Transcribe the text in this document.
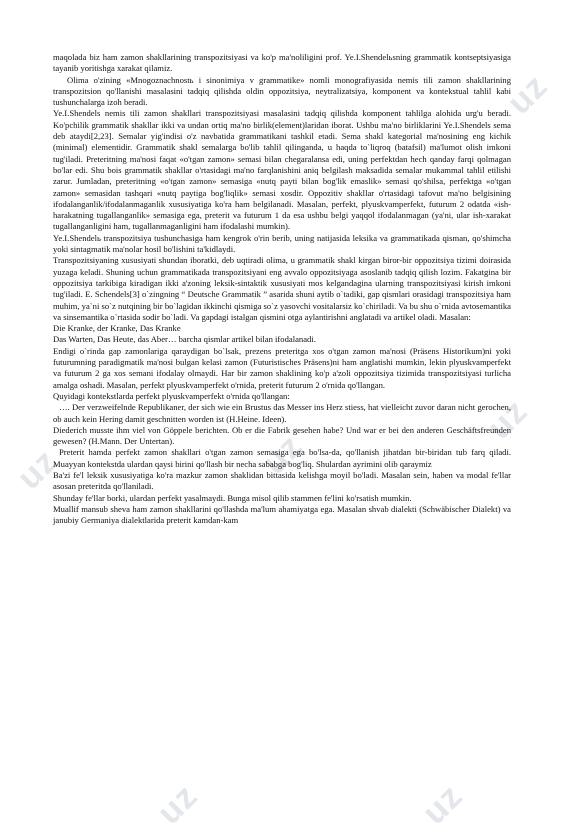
uz
uz	uz
uz
uz	uz

maqolada biz ham zamon shakllarining transpozitsiyasi va ko'p ma'noliligini prof. Ye.I.Shendelьsning grammatik kontseptsiyasiga tayanib yoritishga xarakat qilamiz.

Olima o'zining «Mnogoznachnostь i sinonimiya v grammatike» nomli monografiyasida nemis tili zamon shakllarining transpozitsion qo'llanishi masalasini tadqiq qilishda oldin oppozitsiya, neytralizatsiya, komponent va kontekstual tahlil kabi tushunchalarga izoh beradi.

Ye.I.Shendels nemis tili zamon shakllari transpozitsiyasi masalasini tadqiq qilishda komponent tahlilga alohida urg'u beradi. Ko'pchilik grammatik shakllar ikki va undan ortiq ma'no birlik(element)laridan iborat. Ushbu ma'no birliklarini Ye.I.Shendels sema deb ataydi[2,23]. Semalar yig'indisi o'z navbatida grammatikani tashkil etadi. Sema shakl kategorial ma'nosining eng kichik (minimal) elementidir. Grammatik shakl semalarga bo'lib tahlil qilinganda, u haqda to`liqroq (batafsil) ma'lumot olish imkoni tug'iladi. Preteritning ma'nosi faqat «o'tgan zamon» semasi bilan chegaralansa edi, uning perfektdan hech qanday farqi qolmagan bo'lar edi. Shu bois grammatik shakllar o'rtasidagi ma'no farqlanishini aniq belgilash maksadida semalar mukammal tahlil etilishi zarur. Jumladan, preteritning «o'tgan zamon» semasiga «nutq payti bilan bog'lik emaslik» semasi qo'shilsa, perfektga «o'tgan zamon» semasidan tashqari «nutq paytiga bog'liqlik» semasi xosdir. Oppozitiv shakllar o'rtasidagi tafovut ma'no belgisining ifodalanganlik/ifodalanmaganlik xususiyatiga ko'ra ham belgilanadi. Masalan, perfekt, plyuskvamperfekt, futurum 2 odatda «ish-harakatning tugallanganlik» semasiga ega, preterit va futurum 1 da esa ushbu belgi yaqqol ifodalanmagan (ya'ni, ular ish-xarakat tugallanganligini ham, tugallanmaganligini ham ifodalashi mumkin).

Ye.I.Shendelь transpozitsiya tushunchasiga ham kengrok o'rin berib, uning natijasida leksika va grammatikada qisman, qo'shimcha yoki sintagmatik ma'nolar hosil bo'lishini ta'kidlaydi.

Transpozitsiyaning xususiyati shundan iboratki, deb uqtiradi olima, u grammatik shakl kirgan biror-bir oppozitsiya tizimi doirasida yuzaga keladi. Shuning uchun grammatikada transpozitsiyani eng avvalo oppozitsiyaga asoslanib tadqiq qilish lozim. Fakatgina bir oppozitsiya tarkibiga kiradigan ikki a'zoning leksik-sintaktik xususiyati mos kelgandagina ularning transpozitsiyasi kirish imkoni tug'iladi. E. Schendels[3] o`zingning “ Deutsche Grammatik ” asarida shuni aytib o`tadiki, gap qismlari orasidagi transpozitsiya ham muhim, ya`ni so`z nutqining bir bo`lagidan ikkinchi qismiga so`z yasovchi vositalarsiz ko`chiriladi. Va bu shu o`rnida avtosemantika va sinsemantika o`rtasida sodir bo`ladi. Va gapdagi istalgan qismini otga aylantirishni anglatadi va artikel oladi. Masalan:

Die Kranke, der Kranke, Das Kranke

Das Warten, Das Heute, das Aber… barcha qismlar artikel bilan ifodalanadi.

Endigi o`rinda gap zamonlariga qaraydigan bo`lsak, prezens preteritga xos o'tgan zamon ma'nosi (Präsens Historikum)ni yoki futurumning paradigmatik ma'nosi bulgan kelasi zamon (Futuristisches Präsens)ni ham anglatishi mumkin, lekin plyuskvamperfekt va futurum 2 ga xos semani ifodalay olmaydi. Har bir zamon shaklining ko'p a'zoli oppozitsiya tizimida transpozitsiyasi turlicha amalga oshadi. Masalan, perfekt plyuskvamperfekt o'rnida, preterit futurum 2 o'rnida qo'llangan.

Quyidagi kontekstlarda perfekt plyuskvamperfekt o'rnida qo'llangan:

…. Der verzweifelnde Republikaner, der sich wie ein Brustus das Messer ins Herz stiess, hat vielleicht zuvor daran nicht gerochen, ob auch kein Hering damit geschnitten worden ist (H.Heine. Ideen).

Diederich musste ihm viel von Göppele berichten. Ob er die Fabrik gesehen habe? Und war er bei den anderen Geschäftsfreunden gewesen? (H.Mann. Der Untertan).

Preterit hamda perfekt zamon shakllari o'tgan zamon semasiga ega bo'lsa-da, qo'llanish jihatdan bir-biridan tub farq qiladi. Muayyan kontekstda ulardan qaysi birini qo'llash bir necha sababga bog'liq. Shulardan ayrimini olib qaraymiz

Ba'zi fe'l leksik xususiyatiga ko'ra mazkur zamon shaklidan bittasida kelishga moyil bo'ladi. Masalan sein, haben va modal fe'llar asosan preteritda qo'llaniladi.

Shunday fe'llar borki, ulardan perfekt yasalmaydi. Bunga misol qilib stammen fe'lini ko'rsatish mumkin.

Muallif mansub sheva ham zamon shakllarini qo'llashda ma'lum ahamiyatga ega. Masalan shvab dialekti (Schwäbischer Dialekt) va janubiy Germaniya dialektlarida preterit kamdan-kam
